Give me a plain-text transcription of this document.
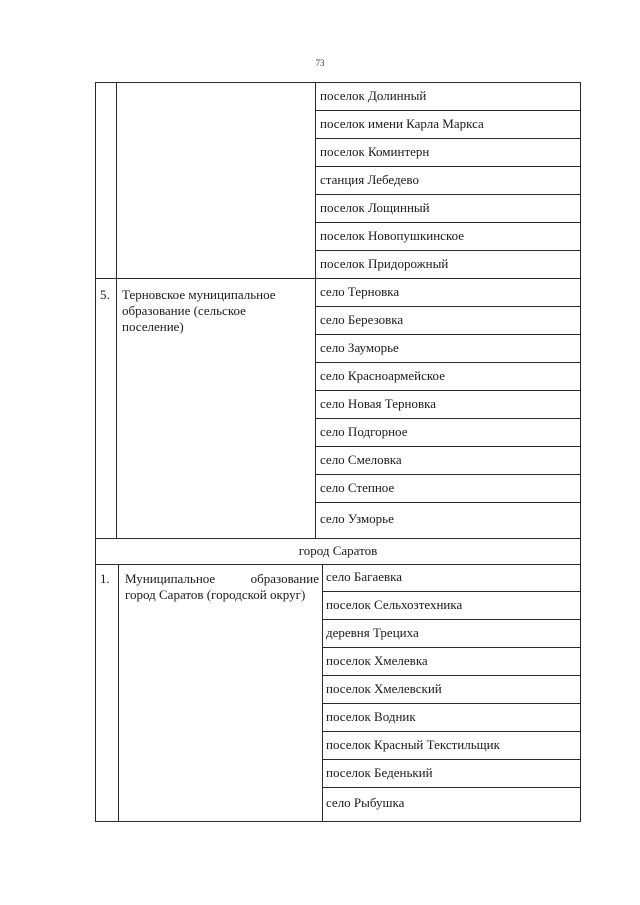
73
поселок Долинный
поселок имени Карла Маркса
поселок Коминтерн
станция Лебедево
поселок Лощинный
поселок Новопушкинское
поселок Придорожный
5. Терновское муниципальное образование (сельское поселение)
село Терновка
село Березовка
село Зауморье
село Красноармейское
село Новая Терновка
село Подгорное
село Смеловка
село Степное
село Узморье
город Саратов
1. Муниципальное образование город Саратов (городской округ)
село Багаевка
поселок Сельхозтехника
деревня Трециха
поселок Хмелевка
поселок Хмелевский
поселок Водник
поселок Красный Текстильщик
поселок Беденький
село Рыбушка
